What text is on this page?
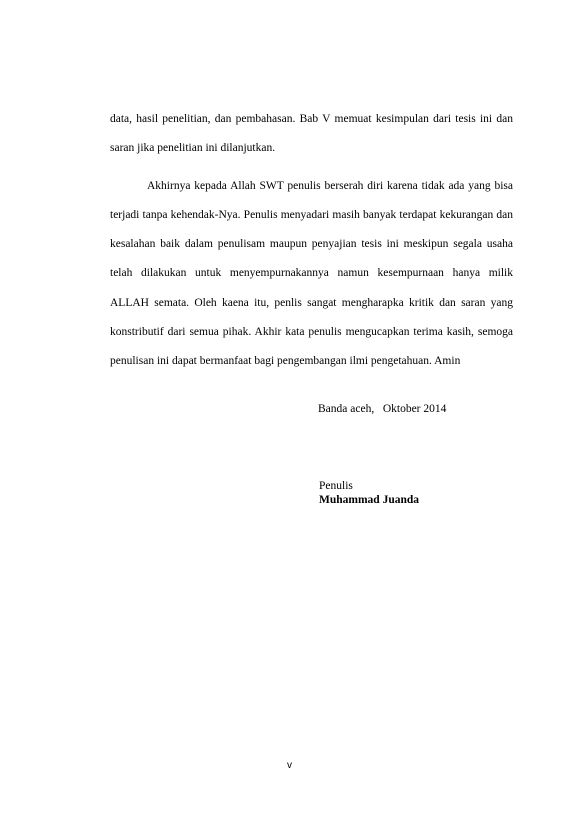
data, hasil penelitian, dan pembahasan. Bab V memuat kesimpulan dari tesis ini dan saran jika penelitian ini dilanjutkan.

Akhirnya kepada Allah SWT penulis berserah diri karena tidak ada yang bisa terjadi tanpa kehendak-Nya. Penulis menyadari masih banyak terdapat kekurangan dan kesalahan baik dalam penulisam maupun penyajian tesis ini meskipun segala usaha telah dilakukan untuk menyempurnakannya namun kesempurnaan hanya milik ALLAH semata. Oleh kaena itu, penlis sangat mengharapka kritik dan saran yang konstributif dari semua pihak. Akhir kata penulis mengucapkan terima kasih, semoga penulisan ini dapat bermanfaat bagi pengembangan ilmi pengetahuan. Amin

Banda aceh,   Oktober 2014
Penulis
Muhammad Juanda
v
